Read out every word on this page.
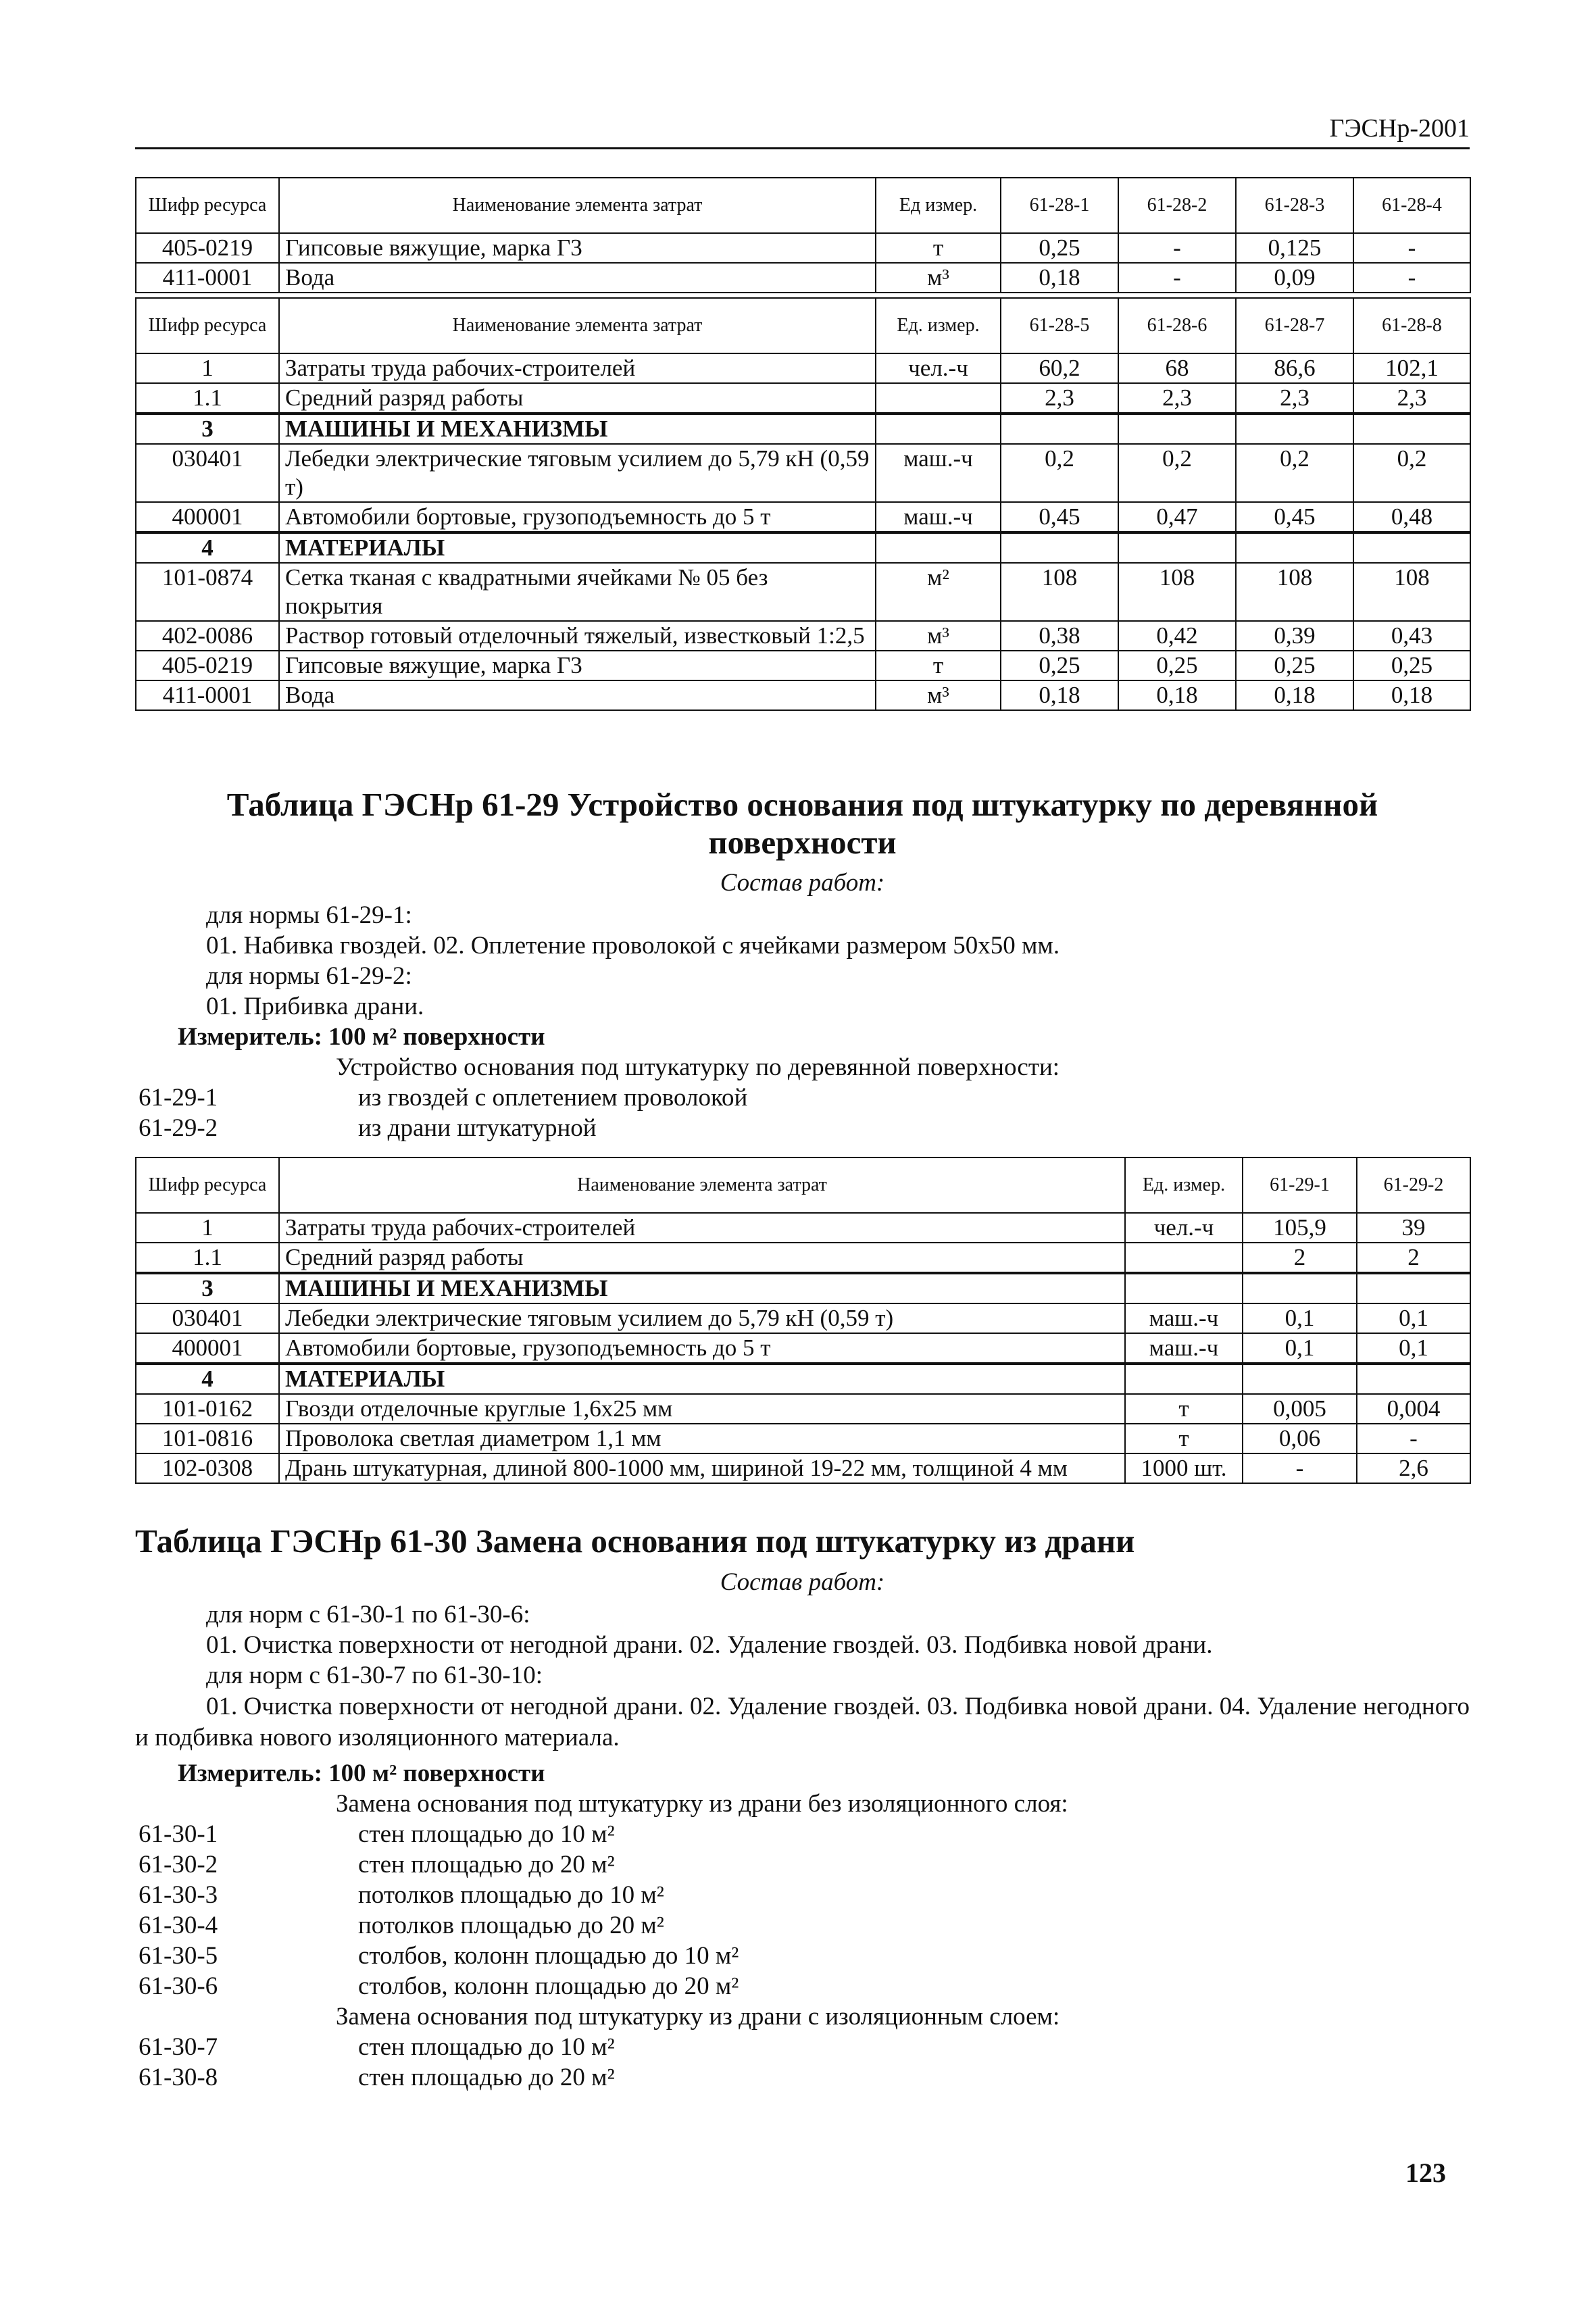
ГЭСНр-2001
Шифр ресурса	Наименование элемента затрат	Ед измер.	61-28-1	61-28-2	61-28-3	61-28-4
405-0219	Гипсовые вяжущие, марка Г3	т	0,25	-	0,125	-
411-0001	Вода	м³	0,18	-	0,09	-
Шифр ресурса	Наименование элемента затрат	Ед. измер.	61-28-5	61-28-6	61-28-7	61-28-8
1	Затраты труда рабочих-строителей	чел.-ч	60,2	68	86,6	102,1
1.1	Средний разряд работы		2,3	2,3	2,3	2,3
3	МАШИНЫ И МЕХАНИЗМЫ					
030401	Лебедки электрические тяговым усилием до 5,79 кН (0,59 т)	маш.-ч	0,2	0,2	0,2	0,2
400001	Автомобили бортовые, грузоподъемность до 5 т	маш.-ч	0,45	0,47	0,45	0,48
4	МАТЕРИАЛЫ					
101-0874	Сетка тканая с квадратными ячейками № 05 без покрытия	м²	108	108	108	108
402-0086	Раствор готовый отделочный тяжелый, известковый 1:2,5	м³	0,38	0,42	0,39	0,43
405-0219	Гипсовые вяжущие, марка Г3	т	0,25	0,25	0,25	0,25
411-0001	Вода	м³	0,18	0,18	0,18	0,18
Таблица ГЭСНр 61-29 Устройство основания под штукатурку по деревянной
поверхности
Состав работ:
для нормы 61-29-1:
01. Набивка гвоздей. 02. Оплетение проволокой с ячейками размером 50x50 мм.
для нормы 61-29-2:
01. Прибивка драни.
Измеритель: 100 м² поверхности
Устройство основания под штукатурку по деревянной поверхности:
61-29-1	из гвоздей с оплетением проволокой
61-29-2	из драни штукатурной
Шифр ресурса	Наименование элемента затрат	Ед. измер.	61-29-1	61-29-2
1	Затраты труда рабочих-строителей	чел.-ч	105,9	39
1.1	Средний разряд работы		2	2
3	МАШИНЫ И МЕХАНИЗМЫ			
030401	Лебедки электрические тяговым усилием до 5,79 кН (0,59 т)	маш.-ч	0,1	0,1
400001	Автомобили бортовые, грузоподъемность до 5 т	маш.-ч	0,1	0,1
4	МАТЕРИАЛЫ			
101-0162	Гвозди отделочные круглые 1,6x25 мм	т	0,005	0,004
101-0816	Проволока светлая диаметром 1,1 мм	т	0,06	-
102-0308	Дрань штукатурная, длиной 800-1000 мм, шириной 19-22 мм, толщиной 4 мм	1000 шт.	-	2,6
Таблица ГЭСНр 61-30 Замена основания под штукатурку из драни
Состав работ:
для норм с 61-30-1 по 61-30-6:
01. Очистка поверхности от негодной драни. 02. Удаление гвоздей. 03. Подбивка новой драни.
для норм с 61-30-7 по 61-30-10:
01. Очистка поверхности от негодной драни. 02. Удаление гвоздей. 03. Подбивка новой драни. 04. Удаление негодного и подбивка нового изоляционного материала.
Измеритель: 100 м² поверхности
Замена основания под штукатурку из драни без изоляционного слоя:
61-30-1	стен площадью до 10 м²
61-30-2	стен площадью до 20 м²
61-30-3	потолков площадью до 10 м²
61-30-4	потолков площадью до 20 м²
61-30-5	столбов, колонн площадью до 10 м²
61-30-6	столбов, колонн площадью до 20 м²
Замена основания под штукатурку из драни с изоляционным слоем:
61-30-7	стен площадью до 10 м²
61-30-8	стен площадью до 20 м²
123
